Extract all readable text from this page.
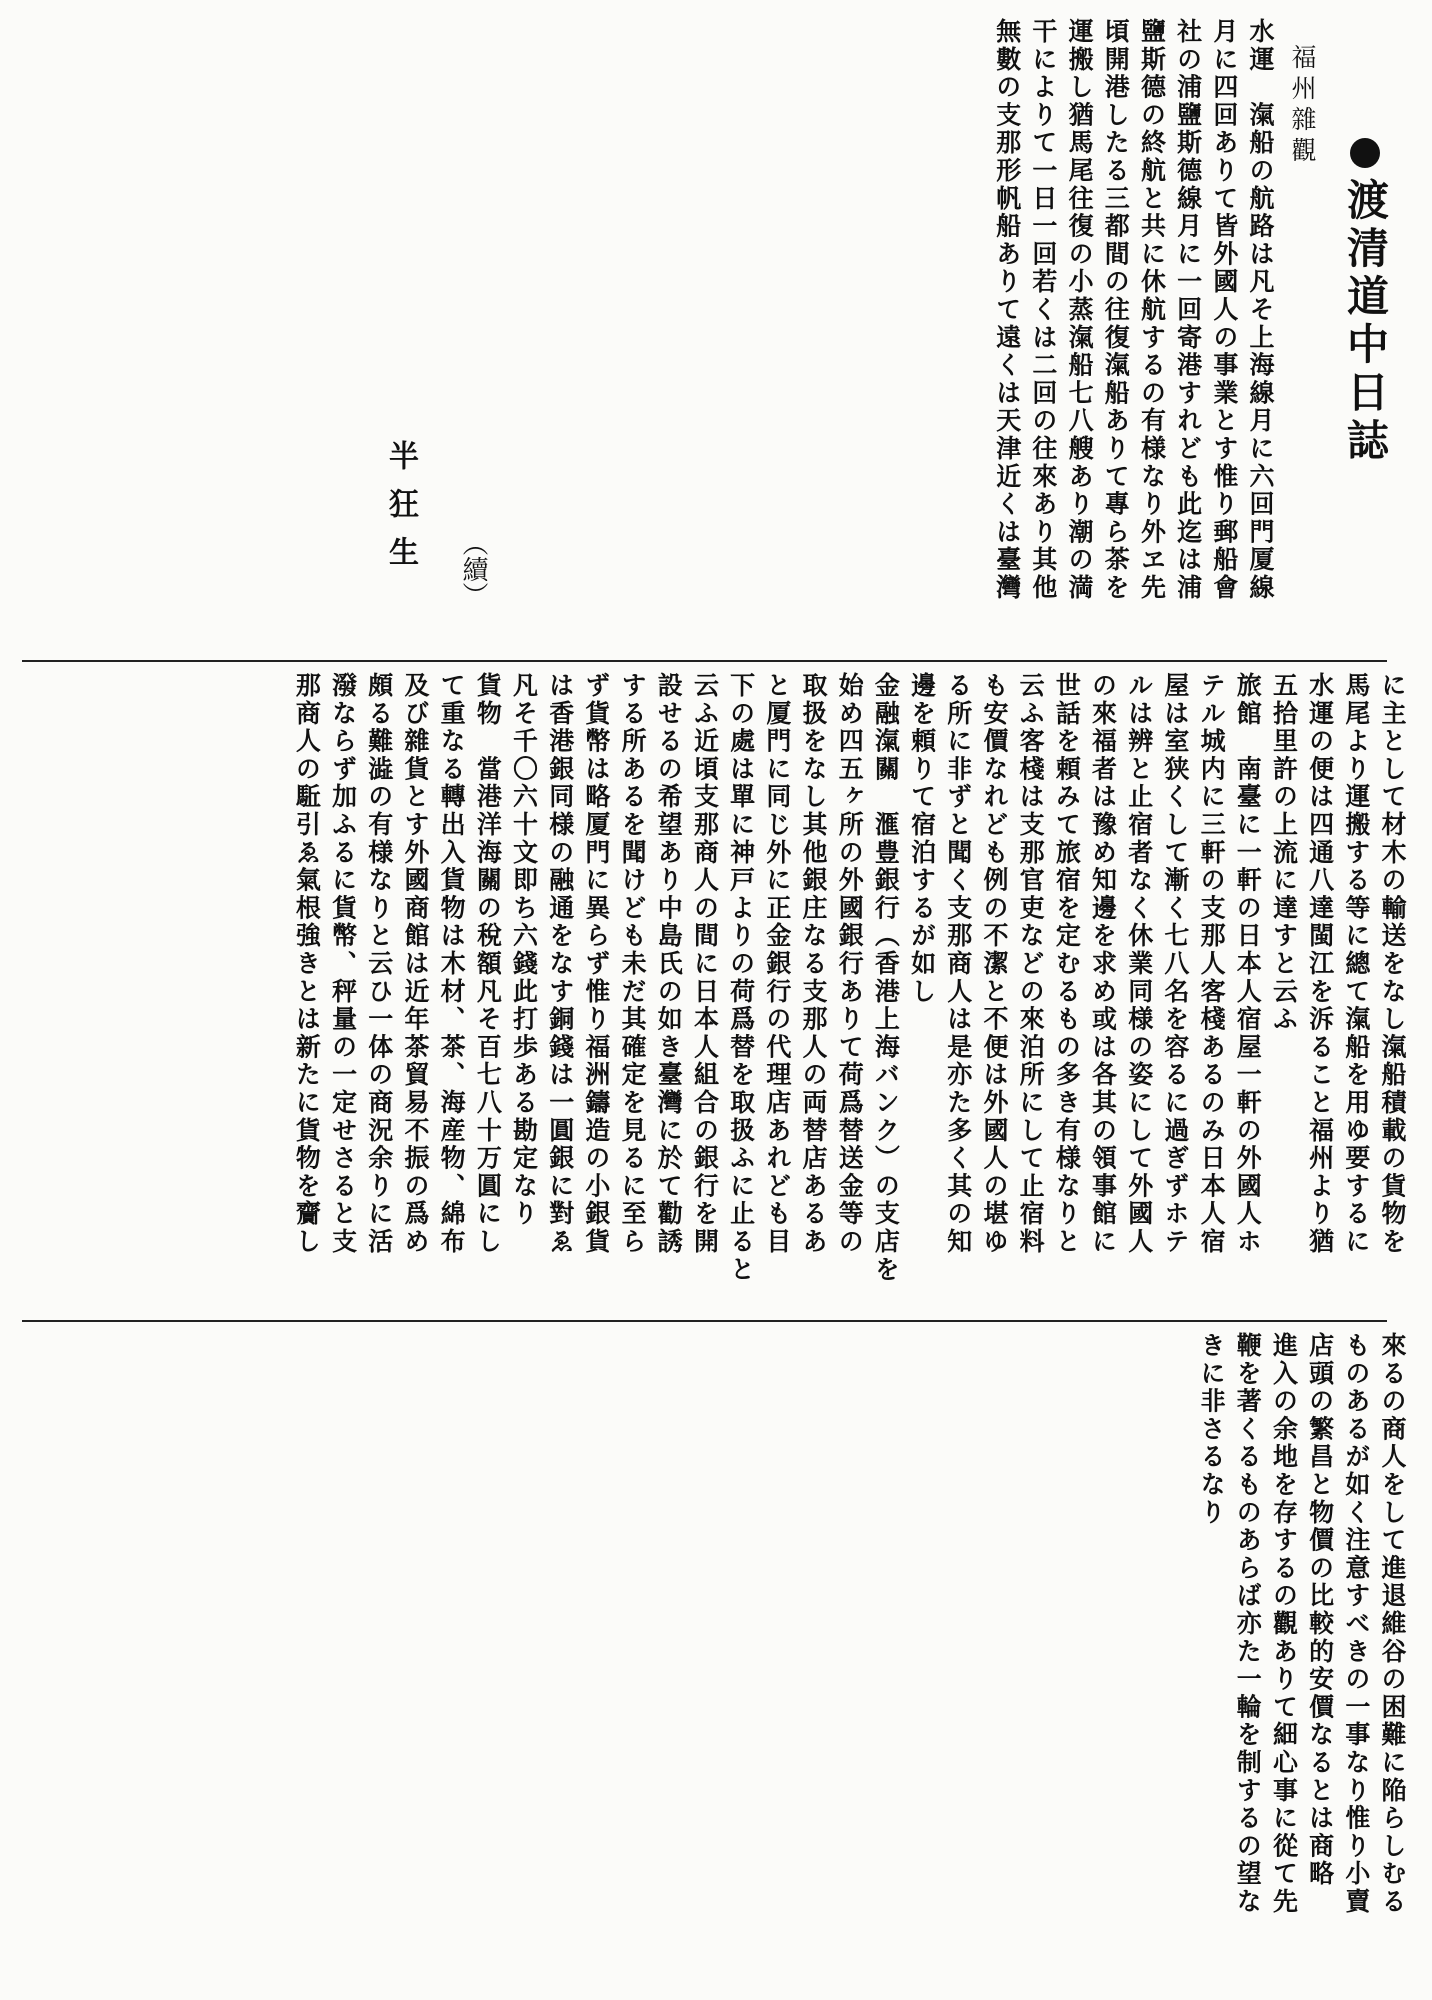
渡清道中日誌
福州雜觀
水運　滊船の航路は凡そ上海線月に六回門厦線
月に四回ありて皆外國人の事業とす惟り郵船會
社の浦鹽斯德線月に一回寄港すれども此迄は浦
鹽斯德の終航と共に休航するの有様なり外ヱ先
頃開港したる三都間の往復滊船ありて專ら茶を
運搬し猶馬尾往復の小蒸滊船七八艘あり潮の満
干によりて一日一回若くは二回の往來あり其他
無數の支那形帆船ありて遠くは天津近くは臺灣
（續）
半狂生
に主として材木の輸送をなし滊船積載の貨物を
馬尾より運搬する等に總て滊船を用ゆ要するに
水運の便は四通八達閩江を泝ること福州より猶
五拾里許の上流に達すと云ふ
旅館　南臺に一軒の日本人宿屋一軒の外國人ホ
テル城内に三軒の支那人客棧あるのみ日本人宿
屋は室狭くして漸く七八名を容るに過ぎずホテ
ルは辨と止宿者なく休業同様の姿にして外國人
の來福者は豫め知邊を求め或は各其の領事館に
世話を頼みて旅宿を定むるもの多き有様なりと
云ふ客棧は支那官吏などの來泊所にして止宿料
も安價なれども例の不潔と不便は外國人の堪ゆ
る所に非ずと聞く支那商人は是亦た多く其の知
邊を頼りて宿泊するが如し
金融滊關　滙豊銀行（香港上海バンク）の支店を
始め四五ヶ所の外國銀行ありて荷爲替送金等の
取扱をなし其他銀庄なる支那人の両替店あるあ
と厦門に同じ外に正金銀行の代理店あれども目
下の處は單に神戸よりの荷爲替を取扱ふに止ると
云ふ近頃支那商人の間に日本人組合の銀行を開
設せるの希望あり中島氏の如き臺灣に於て勸誘
する所あるを聞けども未だ其確定を見るに至ら
ず貨幣は略厦門に異らず惟り福洲鑄造の小銀貨
は香港銀同様の融通をなす銅錢は一圓銀に對ゑ
凡そ千〇六十文即ち六錢此打歩ある勘定なり
貨物　當港洋海關の稅額凡そ百七八十万圓にし
て重なる轉出入貨物は木材、茶、海産物、綿布
及び雜貨とす外國商館は近年茶貿易不振の爲め
頗る難澁の有様なりと云ひ一体の商況余りに活
潑ならず加ふるに貨幣、秤量の一定せさると支
那商人の駈引ゑ氣根強きとは新たに貨物を齎し
來るの商人をして進退維谷の困難に陥らしむる
ものあるが如く注意すべきの一事なり惟り小賣
店頭の繁昌と物價の比較的安價なるとは商略
進入の余地を存するの觀ありて細心事に從て先
鞭を著くるものあらば亦た一輪を制するの望な
きに非さるなり
